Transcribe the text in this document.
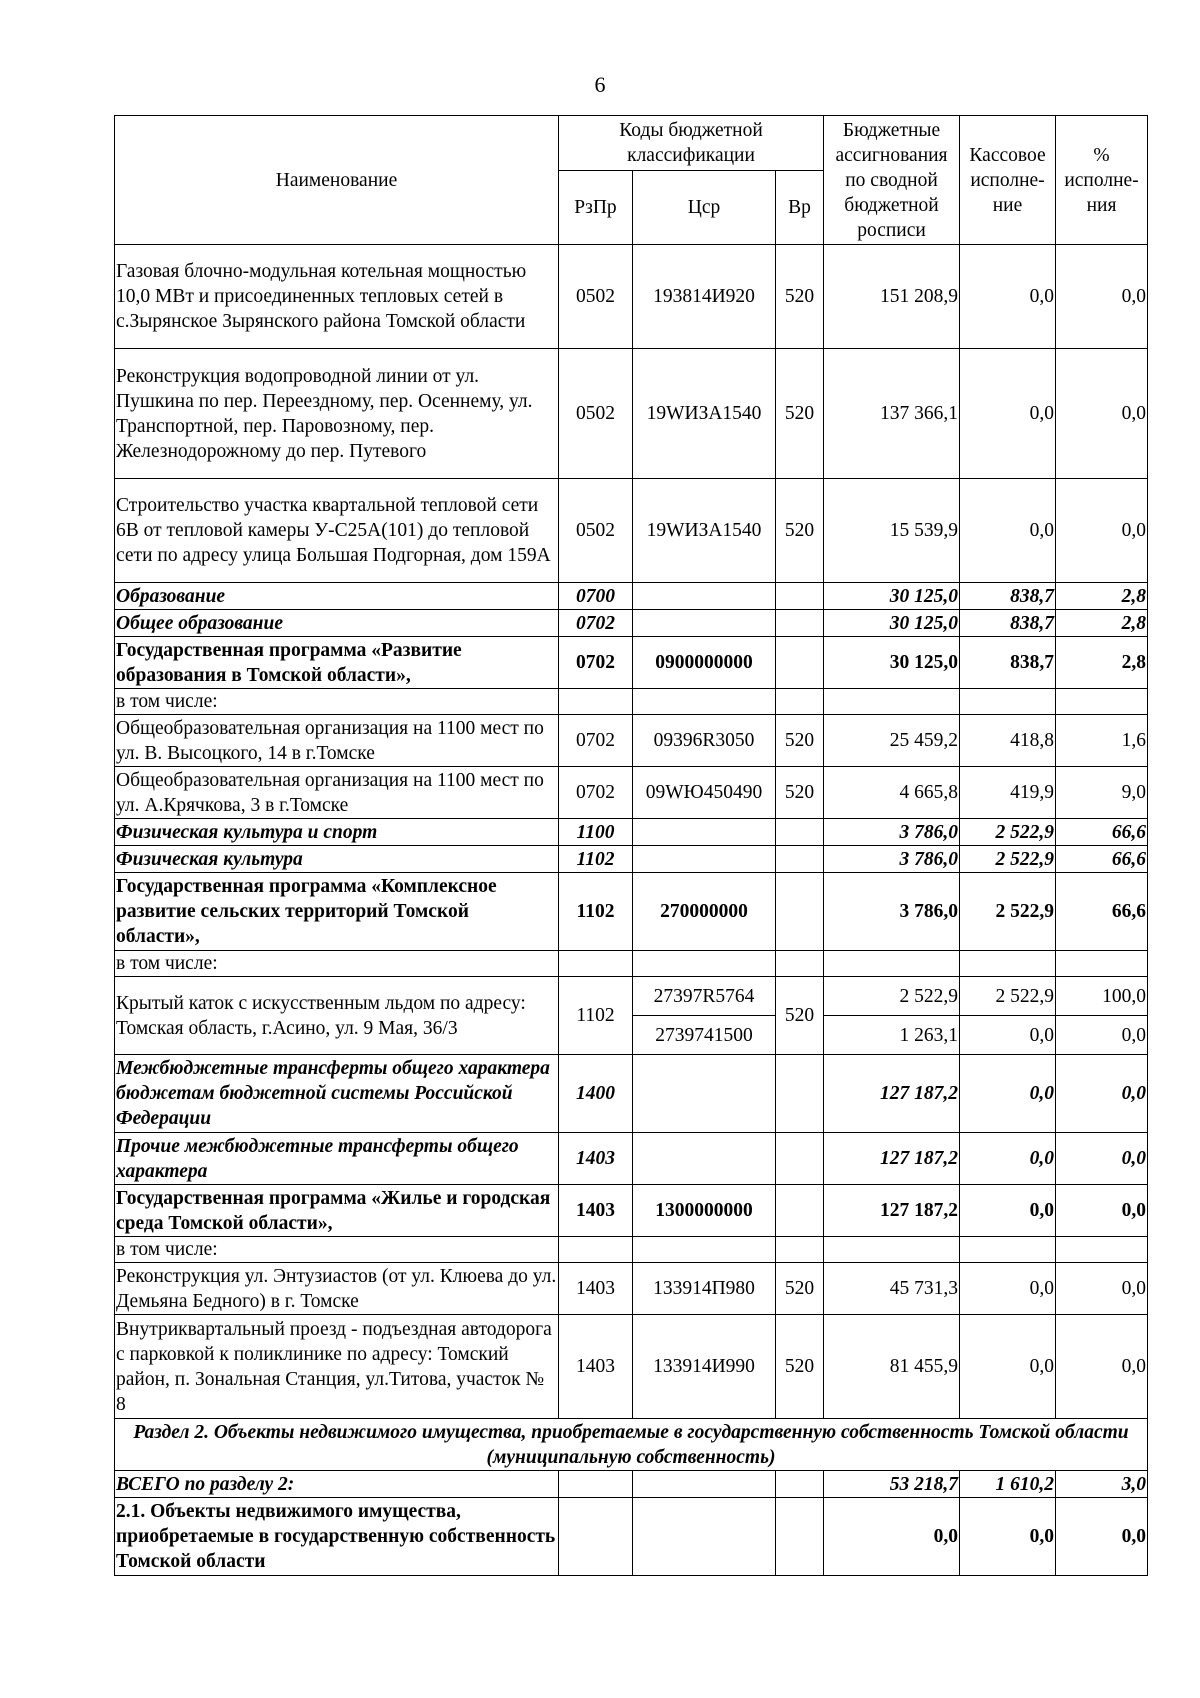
6
Наименование	Коды бюджетной классификации			Бюджетные ассигнования по сводной бюджетной росписи	Кассовое исполне-ние	% исполне-ния
	РзПр	Цср	Вр			
Газовая блочно-модульная котельная мощностью 10,0 МВт и присоединенных тепловых сетей в с.Зырянское Зырянского района Томской области	0502	193814И920	520	151 208,9	0,0	0,0
Реконструкция водопроводной линии от ул. Пушкина по пер. Переездному, пер. Осеннему, ул. Транспортной, пер. Паровозному, пер. Железнодорожному до пер. Путевого	0502	19WИЗА1540	520	137 366,1	0,0	0,0
Строительство участка квартальной тепловой сети 6В от тепловой камеры У-С25А(101) до тепловой сети по адресу улица Большая Подгорная, дом 159А	0502	19WИЗА1540	520	15 539,9	0,0	0,0
Образование	0700			30 125,0	838,7	2,8
Общее образование	0702			30 125,0	838,7	2,8
Государственная программа «Развитие образования в Томской области»,	0702	0900000000		30 125,0	838,7	2,8
в том числе:						
Общеобразовательная организация на 1100 мест по ул. В. Высоцкого, 14 в г.Томске	0702	09396R3050	520	25 459,2	418,8	1,6
Общеобразовательная организация на 1100 мест по ул. А.Крячкова, 3 в г.Томске	0702	09WЮ450490	520	4 665,8	419,9	9,0
Физическая культура и спорт	1100			3 786,0	2 522,9	66,6
Физическая культура	1102			3 786,0	2 522,9	66,6
Государственная программа «Комплексное развитие сельских территорий Томской области»,	1102	270000000		3 786,0	2 522,9	66,6
в том числе:						
Крытый каток с искусственным льдом по адресу: Томская область, г.Асино, ул. 9 Мая, 36/3	1102	27397R5764	520	2 522,9	2 522,9	100,0
		2739741500		1 263,1	0,0	0,0
Межбюджетные трансферты общего характера бюджетам бюджетной системы Российской Федерации	1400			127 187,2	0,0	0,0
Прочие межбюджетные трансферты общего характера	1403			127 187,2	0,0	0,0
Государственная программа «Жилье и городская среда Томской области»,	1403	1300000000		127 187,2	0,0	0,0
в том числе:						
Реконструкция ул. Энтузиастов (от ул. Клюева до ул. Демьяна Бедного) в г. Томске	1403	133914П980	520	45 731,3	0,0	0,0
Внутриквартальный проезд - подъездная автодорога с парковкой к поликлинике по адресу: Томский район, п. Зональная Станция, ул.Титова, участок № 8	1403	133914И990	520	81 455,9	0,0	0,0
Раздел 2. Объекты недвижимого имущества, приобретаемые в государственную собственность Томской области (муниципальную собственность)						
ВСЕГО по разделу 2:				53 218,7	1 610,2	3,0
2.1. Объекты недвижимого имущества, приобретаемые в государственную собственность Томской области				0,0	0,0	0,0
